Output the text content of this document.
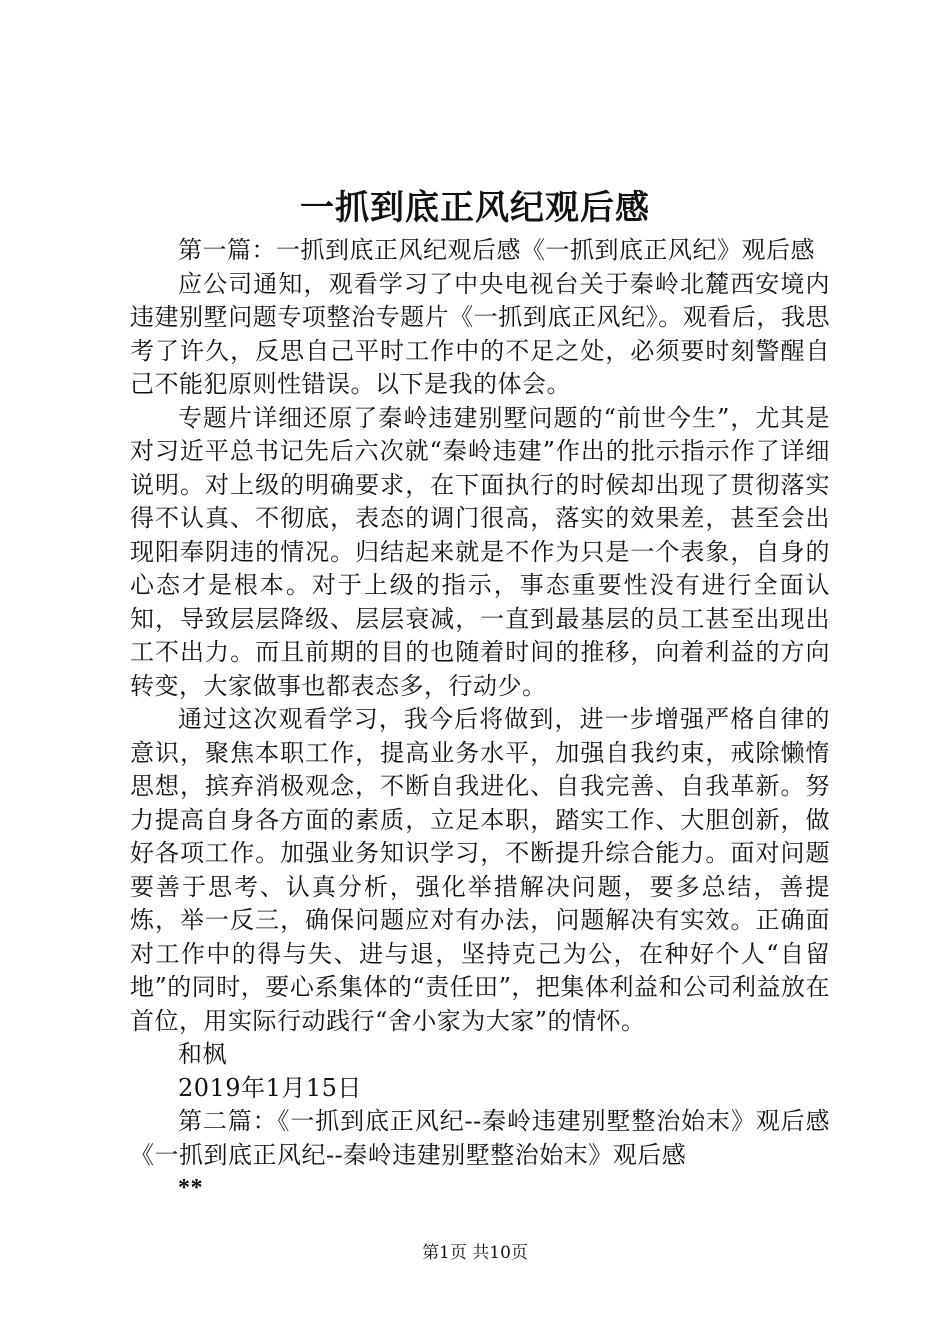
一抓到底正风纪观后感

第一篇：一抓到底正风纪观后感《一抓到底正风纪》观后感

应公司通知，观看学习了中央电视台关于秦岭北麓西安境内违建别墅问题专项整治专题片《一抓到底正风纪》。观看后，我思考了许久，反思自己平时工作中的不足之处，必须要时刻警醒自己不能犯原则性错误。以下是我的体会。

专题片详细还原了秦岭违建别墅问题的“前世今生”，尤其是对习近平总书记先后六次就“秦岭违建”作出的批示指示作了详细说明。对上级的明确要求，在下面执行的时候却出现了贯彻落实得不认真、不彻底，表态的调门很高，落实的效果差，甚至会出现阳奉阴违的情况。归结起来就是不作为只是一个表象，自身的心态才是根本。对于上级的指示，事态重要性没有进行全面认知，导致层层降级、层层衰减，一直到最基层的员工甚至出现出工不出力。而且前期的目的也随着时间的推移，向着利益的方向转变，大家做事也都表态多，行动少。

通过这次观看学习，我今后将做到，进一步增强严格自律的意识，聚焦本职工作，提高业务水平，加强自我约束，戒除懒惰思想，摈弃消极观念，不断自我进化、自我完善、自我革新。努力提高自身各方面的素质，立足本职，踏实工作、大胆创新，做好各项工作。加强业务知识学习，不断提升综合能力。面对问题要善于思考、认真分析，强化举措解决问题，要多总结，善提炼，举一反三，确保问题应对有办法，问题解决有实效。正确面对工作中的得与失、进与退，坚持克己为公，在种好个人“自留地”的同时，要心系集体的“责任田”，把集体利益和公司利益放在首位，用实际行动践行“舍小家为大家”的情怀。

和枫

2019年1月15日

第二篇：《一抓到底正风纪--秦岭违建别墅整治始末》观后感《一抓到底正风纪--秦岭违建别墅整治始末》观后感

**

第1页 共10页
